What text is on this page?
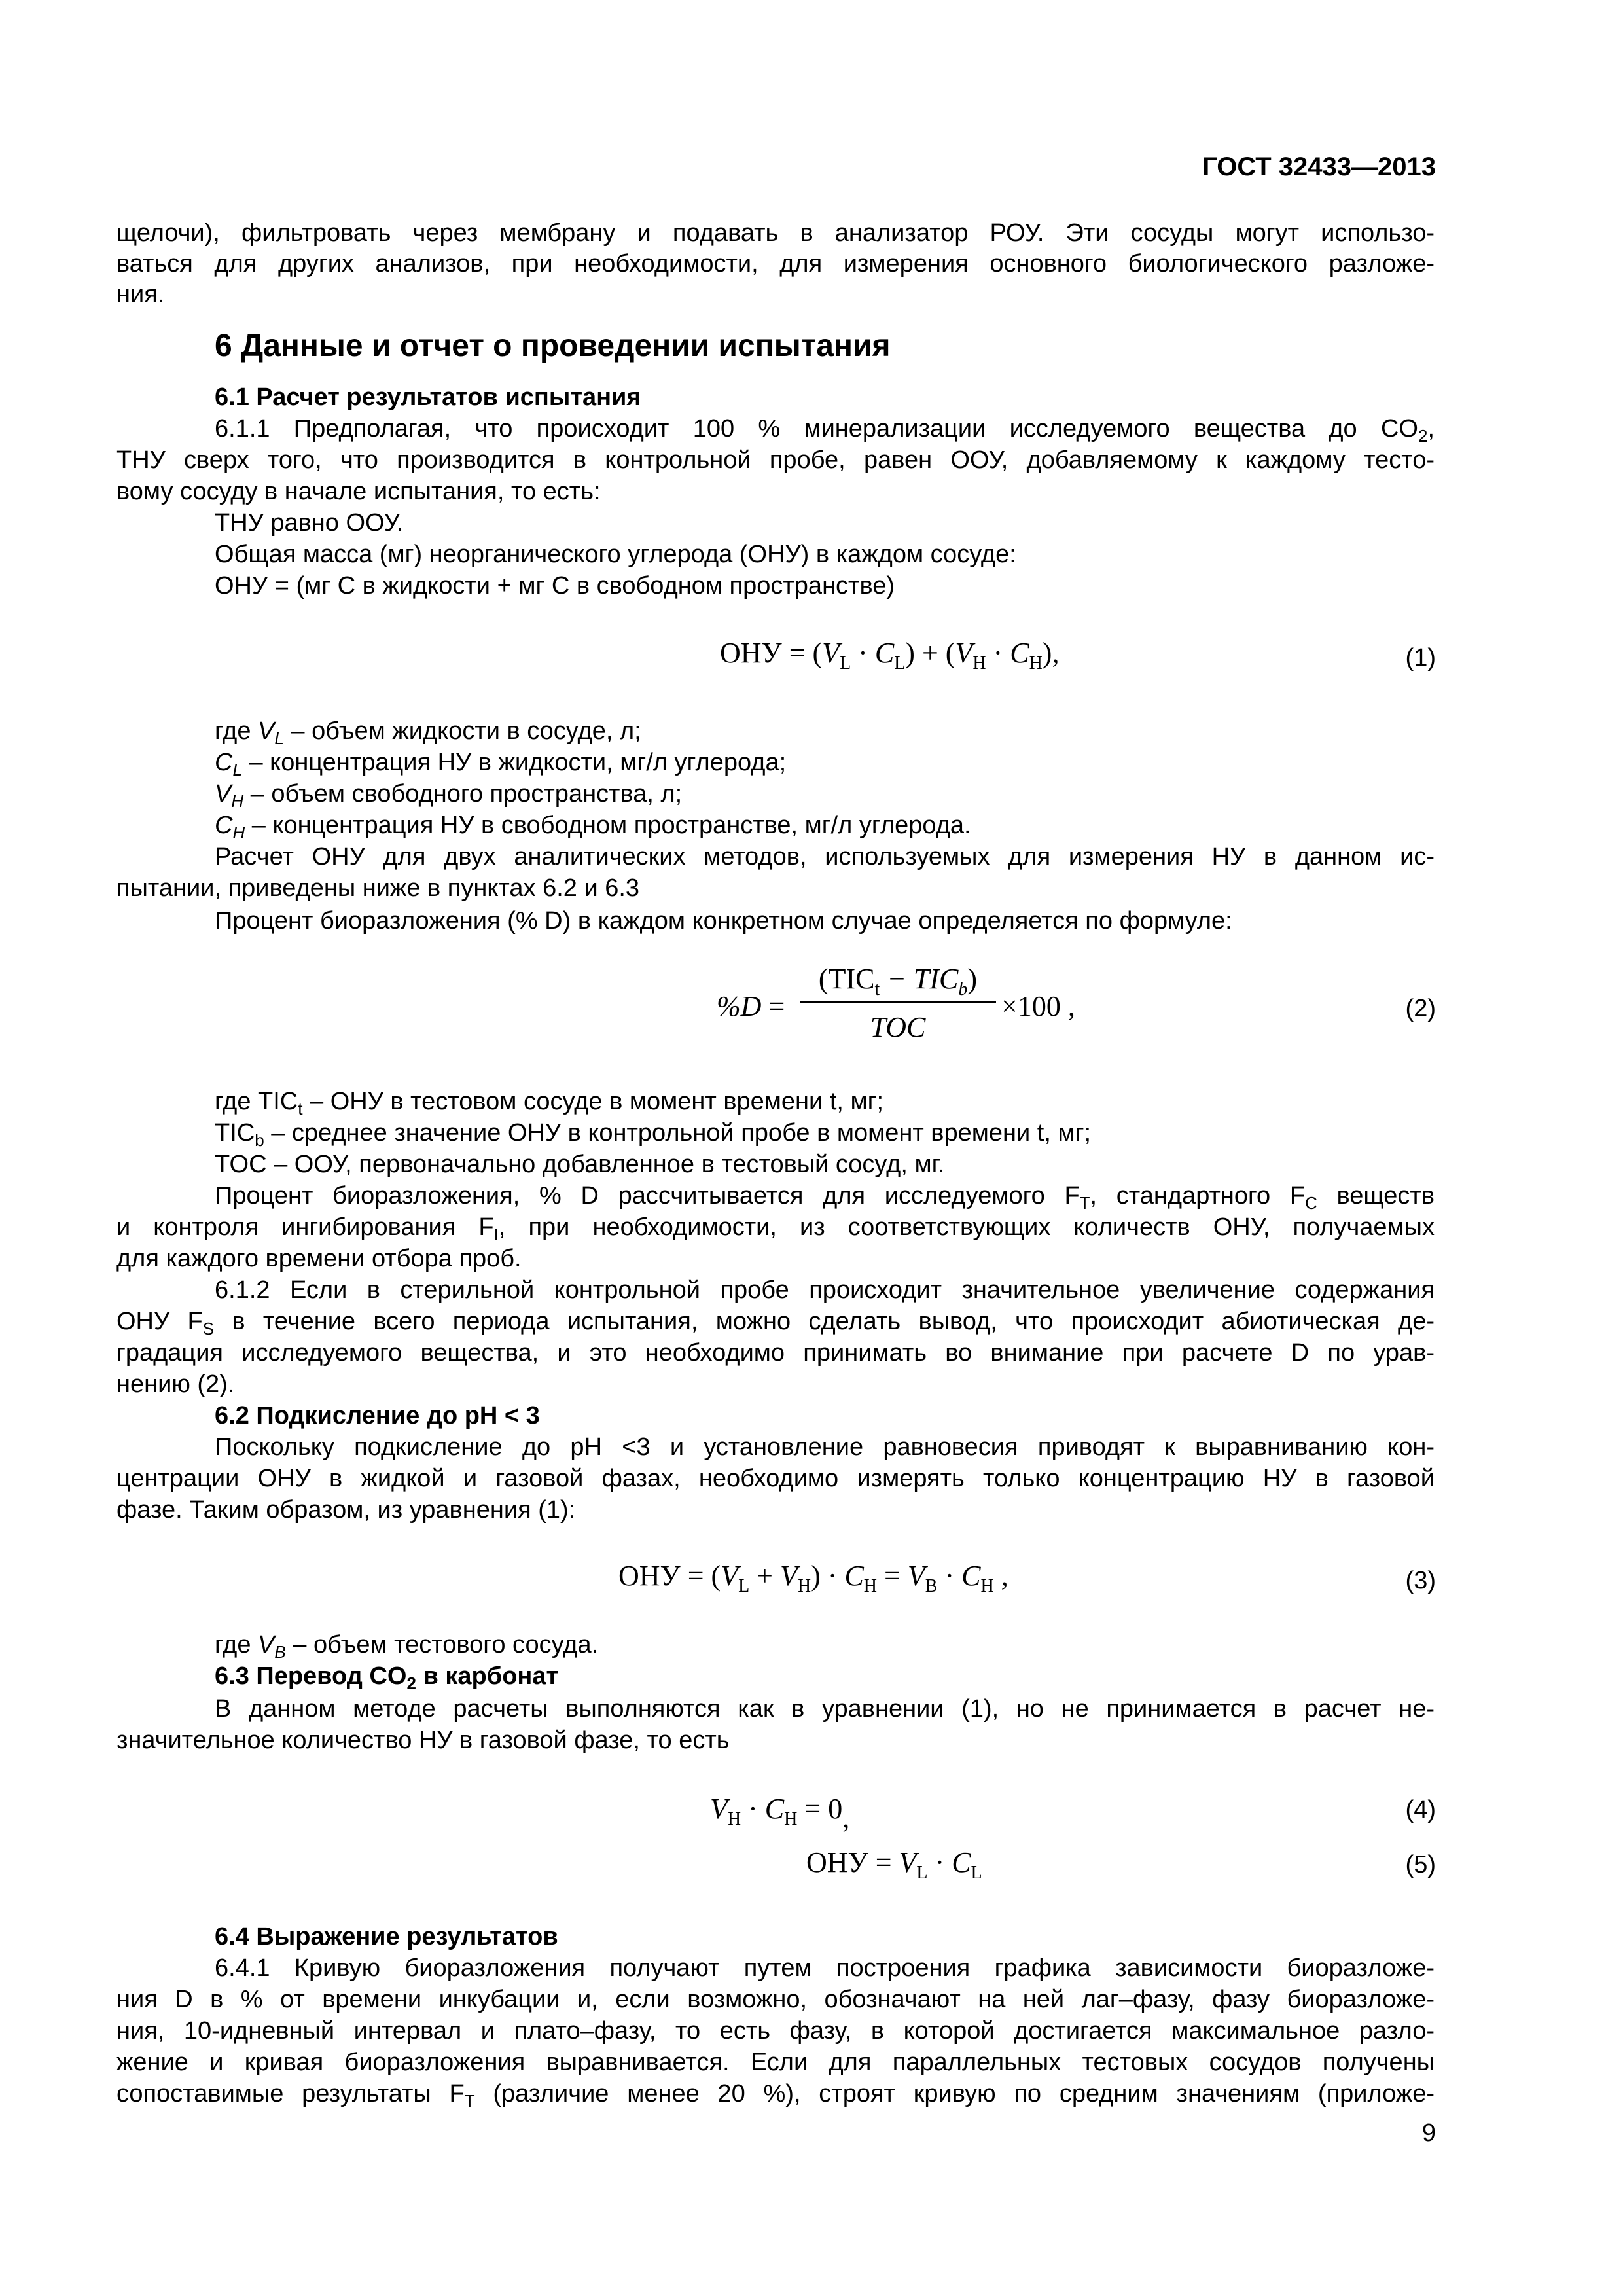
ГОСТ 32433—2013
щелочи), фильтровать через мембрану и подавать в анализатор РОУ. Эти сосуды могут использо-
ваться для других анализов, при необходимости, для измерения основного биологического разложе-
ния.
6 Данные и отчет о проведении испытания
6.1 Расчет результатов испытания
6.1.1 Предполагая, что происходит 100 % минерализации исследуемого вещества до $CO_2$,
ТНУ сверх того, что производится в контрольной пробе, равен ООУ, добавляемому к каждому тесто-
вому сосуду в начале испытания, то есть:
ТНУ равно ООУ.
Общая масса (мг) неорганического углерода (ОНУ) в каждом сосуде:
ОНУ = (мг С в жидкости + мг С в свободном пространстве)
ОНУ = $(V_L \cdot C_L) + (V_H \cdot C_H)$,	(1)
где $V_L$ – объем жидкости в сосуде, л;
$C_L$ – концентрация НУ в жидкости, мг/л углерода;
$V_H$ – объем свободного пространства, л;
$C_H$ – концентрация НУ в свободном пространстве, мг/л углерода.
Расчет ОНУ для двух аналитических методов, используемых для измерения НУ в данном ис-
пытании, приведены ниже в пунктах 6.2 и 6.3
Процент биоразложения (% D) в каждом конкретном случае определяется по формуле:
%D =
$(TIC_t - TIC_b)$
TOC
×100 ,	(2)
где $TIC_t$ – ОНУ в тестовом сосуде в момент времени t, мг;
$TIC_b$ – среднее значение ОНУ в контрольной пробе в момент времени t, мг;
TOC – ООУ, первоначально добавленное в тестовый сосуд, мг.
Процент биоразложения, % D рассчитывается для исследуемого $F_T$, стандартного $F_C$ веществ
и контроля ингибирования $F_I$, при необходимости, из соответствующих количеств ОНУ, получаемых
для каждого времени отбора проб.
6.1.2 Если в стерильной контрольной пробе происходит значительное увеличение содержания
ОНУ $F_S$ в течение всего периода испытания, можно сделать вывод, что происходит абиотическая де-
градация исследуемого вещества, и это необходимо принимать во внимание при расчете D по урав-
нению (2).
6.2 Подкисление до pH < 3
Поскольку подкисление до pH <3 и установление равновесия приводят к выравниванию кон-
центрации ОНУ в жидкой и газовой фазах, необходимо измерять только концентрацию НУ в газовой
фазе. Таким образом, из уравнения (1):
ОНУ = $(V_L + V_H) \cdot C_H = V_B \cdot C_H$ ,	(3)
где $V_B$ – объем тестового сосуда.
6.3 Перевод $CO_2$ в карбонат
В данном методе расчеты выполняются как в уравнении (1), но не принимается в расчет не-
значительное количество НУ в газовой фазе, то есть
$V_H \cdot C_H = 0$,	(4)
ОНУ = $V_L \cdot C_L$	(5)
6.4 Выражение результатов
6.4.1 Кривую биоразложения получают путем построения графика зависимости биоразложе-
ния D в % от времени инкубации и, если возможно, обозначают на ней лаг–фазу, фазу биоразложе-
ния, 10-идневный интервал и плато–фазу, то есть фазу, в которой достигается максимальное разло-
жение и кривая биоразложения выравнивается. Если для параллельных тестовых сосудов получены
сопоставимые результаты $F_T$ (различие менее 20 %), строят кривую по средним значениям (приложе-
9
